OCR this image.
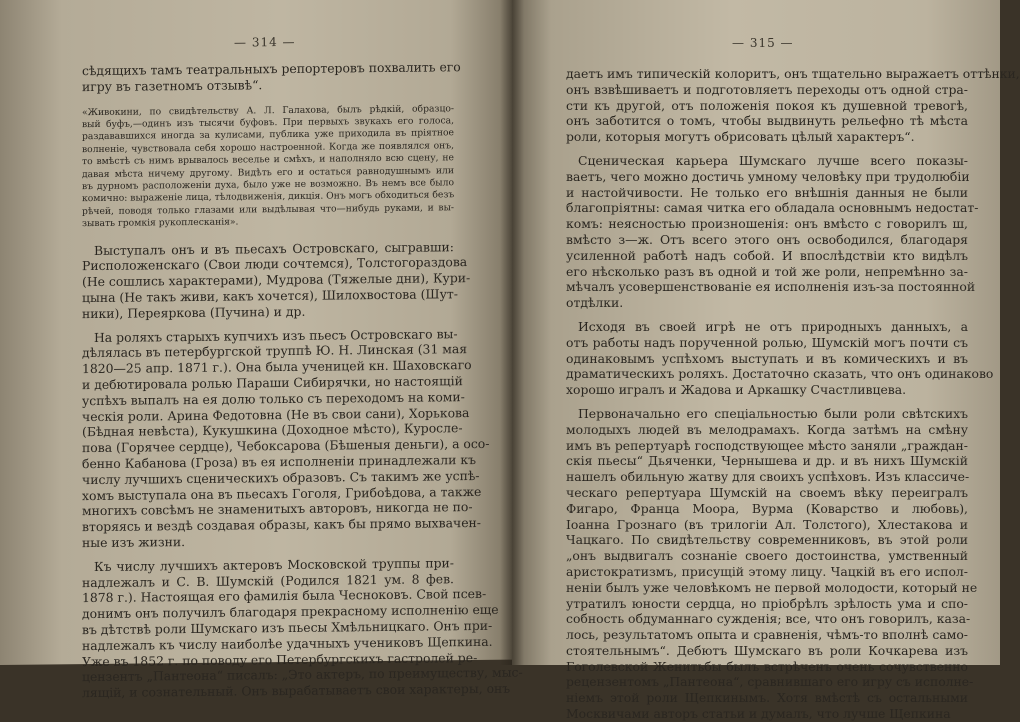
— 314 —
сѣдящихъ тамъ театральныхъ репортеровъ похвалить его
игру въ газетномъ отзывѣ“.
«Живокини, по свидѣтельству А. Л. Галахова, былъ рѣдкій, образцо-
вый буфъ,—одинъ изъ тысячи буфовъ. При первыхъ звукахъ его голоса,
раздававшихся иногда за кулисами, публика уже приходила въ пріятное
волненіе, чувствовала себя хорошо настроенной. Когда же появлялся онъ,
то вмѣстѣ съ нимъ врывалось веселье и смѣхъ, и наполняло всю сцену, не
давая мѣста ничему другому. Видѣть его и остаться равнодушнымъ или
въ дурномъ расположеніи духа, было уже не возможно. Въ немъ все было
комично: выраженіе лица, тѣлодвиженія, дикція. Онъ могъ обходиться безъ
рѣчей, поводя только глазами или выдѣлывая что—нибудь руками, и вы-
зывать громкія рукоплесканія».
Выступалъ онъ и въ пьесахъ Островскаго, сыгравши:
Рисположенскаго (Свои люди сочтемся), Толстогораздова
(Не сошлись характерами), Мудрова (Тяжелые дни), Кури-
цына (Не такъ живи, какъ хочется), Шилохвостова (Шут-
ники), Переяркова (Пучина) и др.
На роляхъ старыхъ купчихъ изъ пьесъ Островскаго вы-
дѣлялась въ петербургской труппѣ Ю. Н. Линская (31 мая
1820—25 апр. 1871 г.). Она была ученицей кн. Шаховскаго
и дебютировала ролью Параши Сибирячки, но настоящій
успѣхъ выпалъ на ея долю только съ переходомъ на коми-
ческія роли. Арина Федотовна (Не въ свои сани), Хорькова
(Бѣдная невѣста), Кукушкина (Доходное мѣсто), Куросле-
пова (Горячее сердце), Чебоксарова (Бѣшеныя деньги), а осо-
бенно Кабанова (Гроза) въ ея исполненіи принадлежали къ
числу лучшихъ сценическихъ образовъ. Съ такимъ же успѣ-
хомъ выступала она въ пьесахъ Гоголя, Грибоѣдова, а также
многихъ совсѣмъ не знаменитыхъ авторовъ, никогда не по-
вторяясь и вездѣ создавая образы, какъ бы прямо выхвачен-
ные изъ жизни.
Къ числу лучшихъ актеровъ Московской труппы при-
надлежалъ и С. В. Шумскій (Родился 1821 ум. 8 фев.
1878 г.). Настоящая его фамилія была Чесноковъ. Свой псев-
донимъ онъ получилъ благодаря прекрасному исполненію еще
въ дѣтствѣ роли Шумскаго изъ пьесы Хмѣльницкаго. Онъ при-
надлежалъ къ числу наиболѣе удачныхъ учениковъ Щепкина.
Уже въ 1852 г. по поводу его Петербургскихъ гастролей ре-
цензентъ „Пантеона“ писалъ: „Это актеръ, по преимуществу, мыс-
лящій, и сознательный. Онъ вырабатываетъ свои характеры, онъ
— 315 —
даетъ имъ типическій колоритъ, онъ тщательно выражаетъ оттѣнки,
онъ взвѣшиваетъ и подготовляетъ переходы отъ одной стра-
сти къ другой, отъ положенія покоя къ душевной тревогѣ,
онъ заботится о томъ, чтобы выдвинуть рельефно тѣ мѣста
роли, которыя могутъ обрисовать цѣлый характеръ“.
Сценическая карьера Шумскаго лучше всего показы-
ваетъ, чего можно достичь умному человѣку при трудолюбіи
и настойчивости. Не только его внѣшнія данныя не были
благопріятны: самая читка его обладала основнымъ недостат-
комъ: неясностью произношенія: онъ вмѣсто с говорилъ ш,
вмѣсто з—ж. Отъ всего этого онъ освободился, благодаря
усиленной работѣ надъ собой. И впослѣдствіи кто видѣлъ
его нѣсколько разъ въ одной и той же роли, непремѣнно за-
мѣчалъ усовершенствованіе ея исполненія изъ-за постоянной
отдѣлки.
Исходя въ своей игрѣ не отъ природныхъ данныхъ, а
отъ работы надъ порученной ролью, Шумскій могъ почти съ
одинаковымъ успѣхомъ выступать и въ комическихъ и въ
драматическихъ роляхъ. Достаточно сказать, что онъ одинаково
хорошо игралъ и Жадова и Аркашку Счастливцева.
Первоначально его спеціальностью были роли свѣтскихъ
молодыхъ людей въ мелодрамахъ. Когда затѣмъ на смѣну
имъ въ репертуарѣ господствующее мѣсто заняли „граждан-
скія пьесы“ Дьяченки, Чернышева и др. и въ нихъ Шумскій
нашелъ обильную жатву для своихъ успѣховъ. Изъ классиче-
ческаго репертуара Шумскій на своемъ вѣку переигралъ
Фигаро, Франца Моора, Вурма (Коварство и любовь),
Іоанна Грознаго (въ трилогіи Ал. Толстого), Хлестакова и
Чацкаго. По свидѣтельству современниковъ, въ этой роли
„онъ выдвигалъ сознаніе своего достоинства, умственный
аристократизмъ, присущій этому лицу. Чацкій въ его испол-
неніи былъ уже человѣкомъ не первой молодости, который не
утратилъ юности сердца, но пріобрѣлъ зрѣлость ума и спо-
собность обдуманнаго сужденія; все, что онъ говорилъ, каза-
лось, результатомъ опыта и сравненія, чѣмъ-то вполнѣ само-
стоятельнымъ“. Дебютъ Шумскаго въ роли Кочкарева изъ
Гоголевской Женитьбы былъ встрѣченъ очень сочувственно
рецензентомъ „Пантеона“, сравнившаго его игру съ исполне-
ніемъ этой роли Щепкинымъ. Хотя вмѣстѣ съ остальными
Москвичами авторъ статьи и думалъ, что лучше Щепкина
